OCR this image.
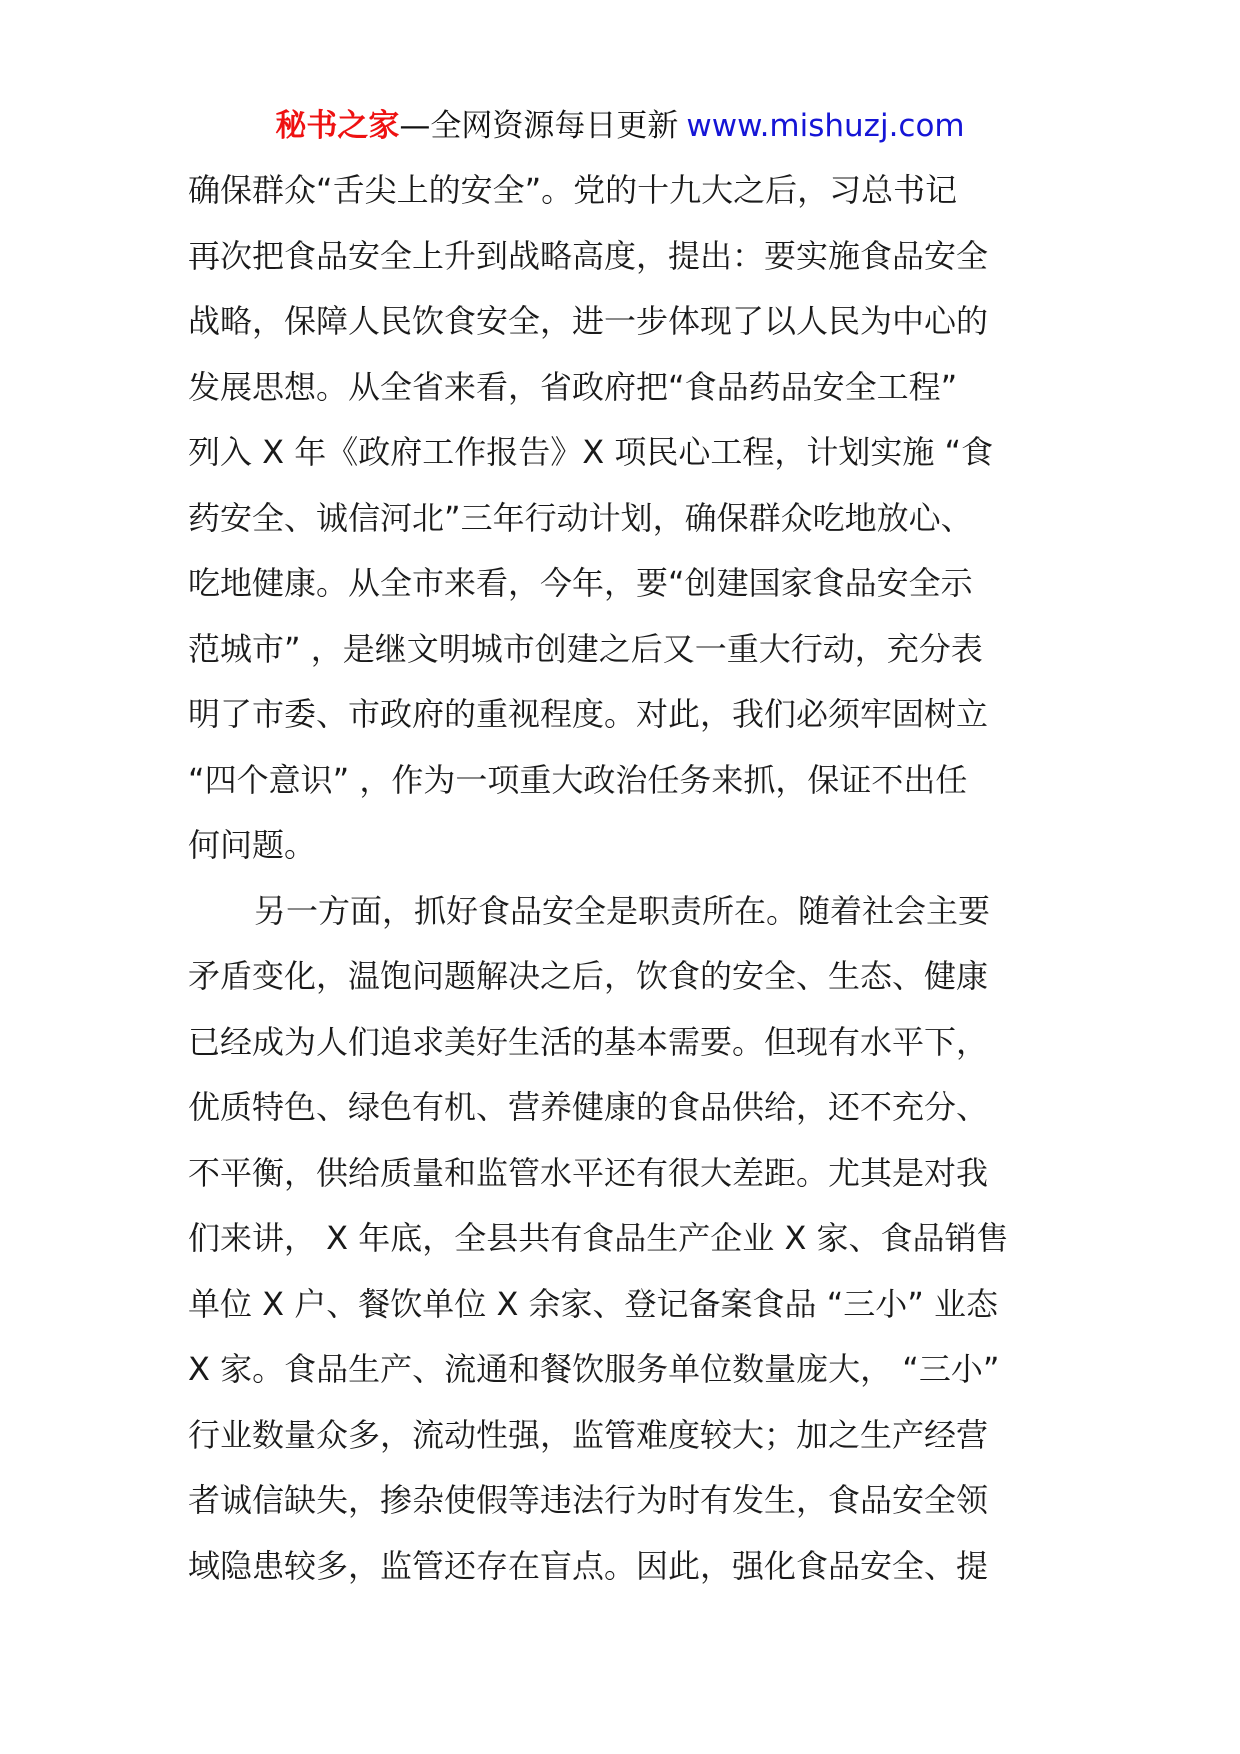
秘书之家—全网资源每日更新 www.mishuzj.com
确保群众“舌尖上的安全”。党的十九大之后，习总书记
再次把食品安全上升到战略高度，提出：要实施食品安全
战略，保障人民饮食安全，进一步体现了以人民为中心的
发展思想。从全省来看，省政府把“食品药品安全工程”
列入 X 年《政府工作报告》X 项民心工程，计划实施 “食
药安全、诚信河北”三年行动计划，确保群众吃地放心、
吃地健康。从全市来看，今年，要“创建国家食品安全示
范城市” ，是继文明城市创建之后又一重大行动，充分表
明了市委、市政府的重视程度。对此，我们必须牢固树立
“四个意识” ，作为一项重大政治任务来抓，保证不出任
何问题。
另一方面，抓好食品安全是职责所在。随着社会主要
矛盾变化，温饱问题解决之后，饮食的安全、生态、健康
已经成为人们追求美好生活的基本需要。但现有水平下，
优质特色、绿色有机、营养健康的食品供给，还不充分、
不平衡，供给质量和监管水平还有很大差距。尤其是对我
们来讲， X 年底，全县共有食品生产企业 X 家、食品销售
单位 X 户、餐饮单位 X 余家、登记备案食品 “三小” 业态
X 家。食品生产、流通和餐饮服务单位数量庞大， “三小”
行业数量众多，流动性强，监管难度较大；加之生产经营
者诚信缺失，掺杂使假等违法行为时有发生，食品安全领
域隐患较多，监管还存在盲点。因此，强化食品安全、提
